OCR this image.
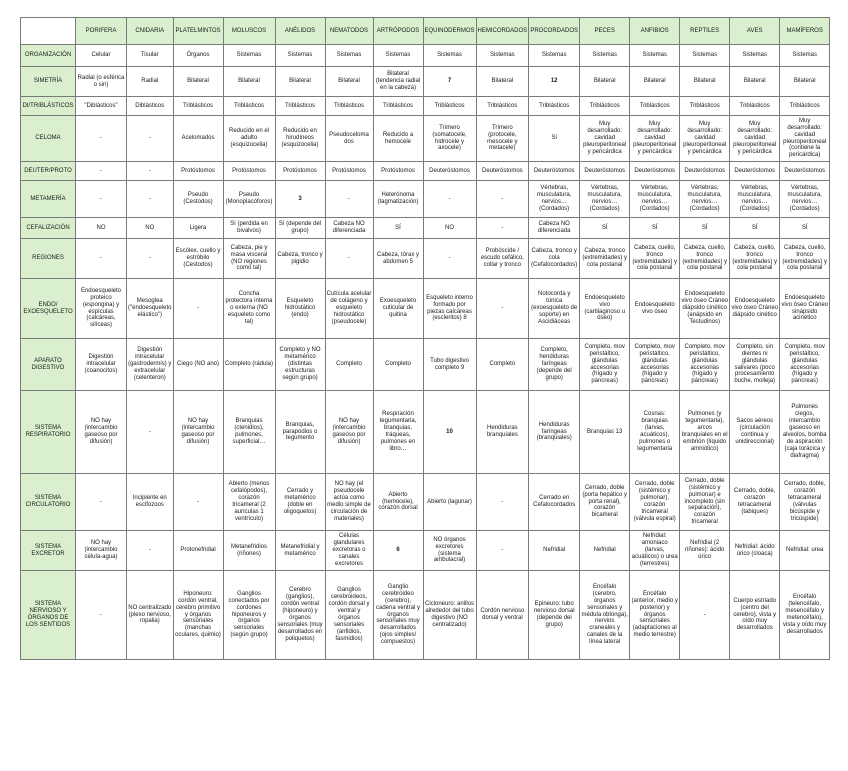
	PORIFERA	CNIDARIA	PLATELMINTOS	MOLUSCOS	ANÉLIDOS	NEMATODOS	ARTRÓPODOS	EQUINODERMOS	HEMICORDADOS	PROCORDADOS	PECES	ANFIBIOS	REPTILES	AVES	MAMÍFEROS
ORGANIZACIÓN	Celular	Tisular	Órganos	Sistemas	Sistemas	Sistemas	Sistemas	Sistemas	Sistemas	Sistemas	Sistemas	Sistemas	Sistemas	Sistemas	Sistemas
SIMETRÍA	Radial (o esférica o sin)	Radial	Bilateral	Bilateral	Bilateral	Bilateral	Bilateral (tendencia radial en la cabeza)	7	Bilateral	12	Bilateral	Bilateral	Bilateral	Bilateral	Bilateral
DI/TRIBLÁSTICOS	"Diblásticos"	Diblásticos	Triblásticos	Triblásticos	Triblásticos	Triblásticos	Triblásticos	Triblásticos	Triblásticos	Triblásticos	Triblásticos	Triblásticos	Triblásticos	Triblásticos	Triblásticos
CELOMA	-	-	Acelomados	Reducido en el adulto (esquizocelia)	Reducido en hirudíneos (esquizocelia)	Pseudoceloma dos	Reducido a hemocele	Trímero (somatocele, hidrocele y axocele)	Trímero (protocele, mesocele y metacele)	Sí	Muy desarrollado: cavidad pleuroperitoneal y pericárdica	Muy desarrollado: cavidad pleuroperitoneal y pericárdica	Muy desarrollado: cavidad pleuroperitoneal y pericárdica	Muy desarrollado: cavidad pleuroperitoneal y pericárdica	Muy desarrollado: cavidad pleuroperitoneal (contiene la pericárdica)
DEUTER/PROTO	-	-	Protóstomos	Protóstomos	Protóstomos	Protóstomos	Protóstomos	Deuteróstomos	Deuteróstomos	Deuteróstomos	Deuteróstomos	Deuteróstomos	Deuteróstomos	Deuteróstomos	Deuteróstomos
METAMERÍA	-	-	Pseudo (Cestodos)	Pseudo (Monoplacóforos)	3	-	Heterónoma (tagmatización)	-	-	Vértebras, musculatura, nervios… (Cordados)	Vértebras, musculatura, nervios… (Cordados)	Vértebras, musculatura, nervios… (Cordados)	Vértebras, musculatura, nervios… (Cordados)	Vértebras, musculatura, nervios… (Cordados)	Vértebras, musculatura, nervios… (Cordados)
CEFALIZACIÓN	NO	NO	Ligera	Sí (perdida en bivalvos)	Sí (depende del grupo)	Cabeza NO diferenciada	SÍ	NO	-	Cabeza NO diferenciada	SÍ	SÍ	SÍ	SÍ	SÍ
REGIONES	-	-	Escólex, cuello y estróbilo (Cestodos)	Cabeza, pie y masa visceral (NO regiones como tal)	Cabeza, tronco y pigidio	-	Cabeza, tórax y abdomen 5	-	Probóscide / escudo cefálico, collar y tronco	Cabeza, tronco y cola (Cefalocordados)	Cabeza, tronco (extremidades) y cola postanal	Cabeza, cuello, tronco (extremidades) y cola postanal	Cabeza, cuello, tronco (extremidades) y cola postanal	Cabeza, cuello, tronco (extremidades) y cola postanal	Cabeza, cuello, tronco (extremidades) y cola postanal
ENDO/ EXOESQUELETO	Endoesqueleto proteico (espongina) y espículas (calcáreas, silíceas)	Mesoglea ("endoesqueleto elástico")	-	Concha protectora interna o externa (NO esqueleto como tal)	Esqueleto hidrostático (endo)	Cutícula acelular de colágeno y esqueleto hidrostático (pseudocele)	Exoesqueleto cuticular de quitina	Esqueleto interno formado por piezas calcáreas (escleritos) 8	-	Notocorda y túnica (exoesqueleto de soporte) en Ascidiáceas	Endoesqueleto vivo (cartilaginoso u óseo)	Endoesqueleto vivo óseo	Endoesqueleto vivo óseo Cráneo diápsido cinético (anápsido en Testudinos)	Endoesqueleto vivo óseo Cráneo diápsido cinético	Endoesqueleto vivo óseo Cráneo sinápsido acinético
APARATO DIGESTIVO	Digestión intracelular (coanocitos)	Digestión intracelular (gastrodermis) y extracelular (celenteron)	Ciego (NO ano)	Completo (rádula)	Completo y NO metamérico (distintas estructuras según grupo)	Completo	Completo	Tubo digestivo completo 9	Completo	Completo, hendiduras faríngeas (depende del grupo)	Completo, mov peristáltico, glándulas accesorias (hígado y páncreas)	Completo, mov peristáltico, glándulas accesorias (hígado y páncreas)	Completo, mov peristáltico, glándulas accesorias (hígado y páncreas)	Completo, sin dientes ni glándulas salivares (poco procesamiento buche, molleja)	Completo, mov peristáltico, glándulas accesorias (hígado y páncreas)
SISTEMA RESPIRATORIO	NO hay (intercambio gaseoso por difusión)	-	NO hay (intercambio gaseoso por difusión)	Branquias (ctenidios), pulmones, superficial…	Branquias, parapodios o tegumento	NO hay (intercambio gaseoso por difusión)	Respiración tegumentaria, branquias, tráqueas, pulmones en libro…	10	Hendiduras branquiales	Hendiduras faríngeas (branquiales)	Branquias 13	Cosnas: branquias (larvas, acuáticos), pulmones o tegumentaria	Pulmones (y tegumentaria), arcos branquiales en el embrión (líquido amniótico)	Sacos aéreos (circulación continua y unidireccional)	Pulmones ciegos, intercambio gaseoso en alveolos, bomba de aspiración (caja torácica y diafragma)
SISTEMA CIRCULATORIO	-	Incipiente en escifozoos	-	Abierto (menos cefalópodos), corazón tricameral (2 aurículas 1 ventrículo)	Cerrado y metamérico (doble en oligoquetos)	NO hay (el pseudocele actúa como medio simple de circulación de materiales)	Abierto (hemocele), corazón dorsal	Abierto (lagunar)	-	Cerrado en Cefalocordados	Cerrado, doble (porta hepático y porta renal), corazón bicameral	Cerrado, doble (sistémico y pulmonar), corazón tricameral (válvula espiral)	Cerrado, doble (sistémico y pulmonar) e incompleto (sin separación), corazón tricameral	Cerrado, doble, corazón tetracameral (tabiques)	Cerrado, doble, corazón tetracameral (válvulas bicúspide y tricúspide)
SISTEMA EXCRETOR	NO hay (intercambio célula-agua)	-	Protonefridial	Metanefridios (riñones)	Metanefridial y metamérico	Células glandulares excretoras o canales excretores	6	NO órganos excretores (sistema ambulacral)	-	Nefridial	Nefridial	Nefridial: amoniaco (larvas, acuáticos) o urea (terrestres)	Nefridial (2 riñones): ácido úrico	Nefridial: ácido úrico (cloaca)	Nefridial: urea
SISTEMA NERVIOSO Y ÓRGANOS DE LOS SENTIDOS	-	NO centralizado (plexo nervioso, ropalia)	Hiponeuro: cordón ventral, cerebro primitivo y órganos sensoriales (manchas oculares, quimio)	Ganglios conectados por cordones hiponeuros y órganos sensoriales (según grupo)	Cerebro (ganglios), cordón ventral (hiponeuro) y órganos sensoriales (muy desarrollados en poliquetos)	Ganglios cerebroideos, cordón dorsal y ventral y órganos sensoriales (anfidios, fasmidios)	Ganglio cerebroideo (cerebro), cadena ventral y órganos sensoriales muy desarrollados (ojos simples/ compuestos)	Cicloneuro: anillos alrededor del tubo digestivo (NO centralizado)	Cordón nervioso dorsal y ventral	Epineuro: tubo nervioso dorsal (depende del grupo)	Encéfalo (cerebro, órganos sensoriales y médula oblonga), nervios craneales y canales de la línea lateral	Encéfalo (anterior, medio y posterior) y órganos sensoriales (adaptaciones al medio terrestre)	-	Cuerpo estriado (centro del cerebro), vista y oído muy desarrollados	Encéfalo (telencéfalo, mesencéfalo y metencéfalo), vista y oído muy desarrollados
